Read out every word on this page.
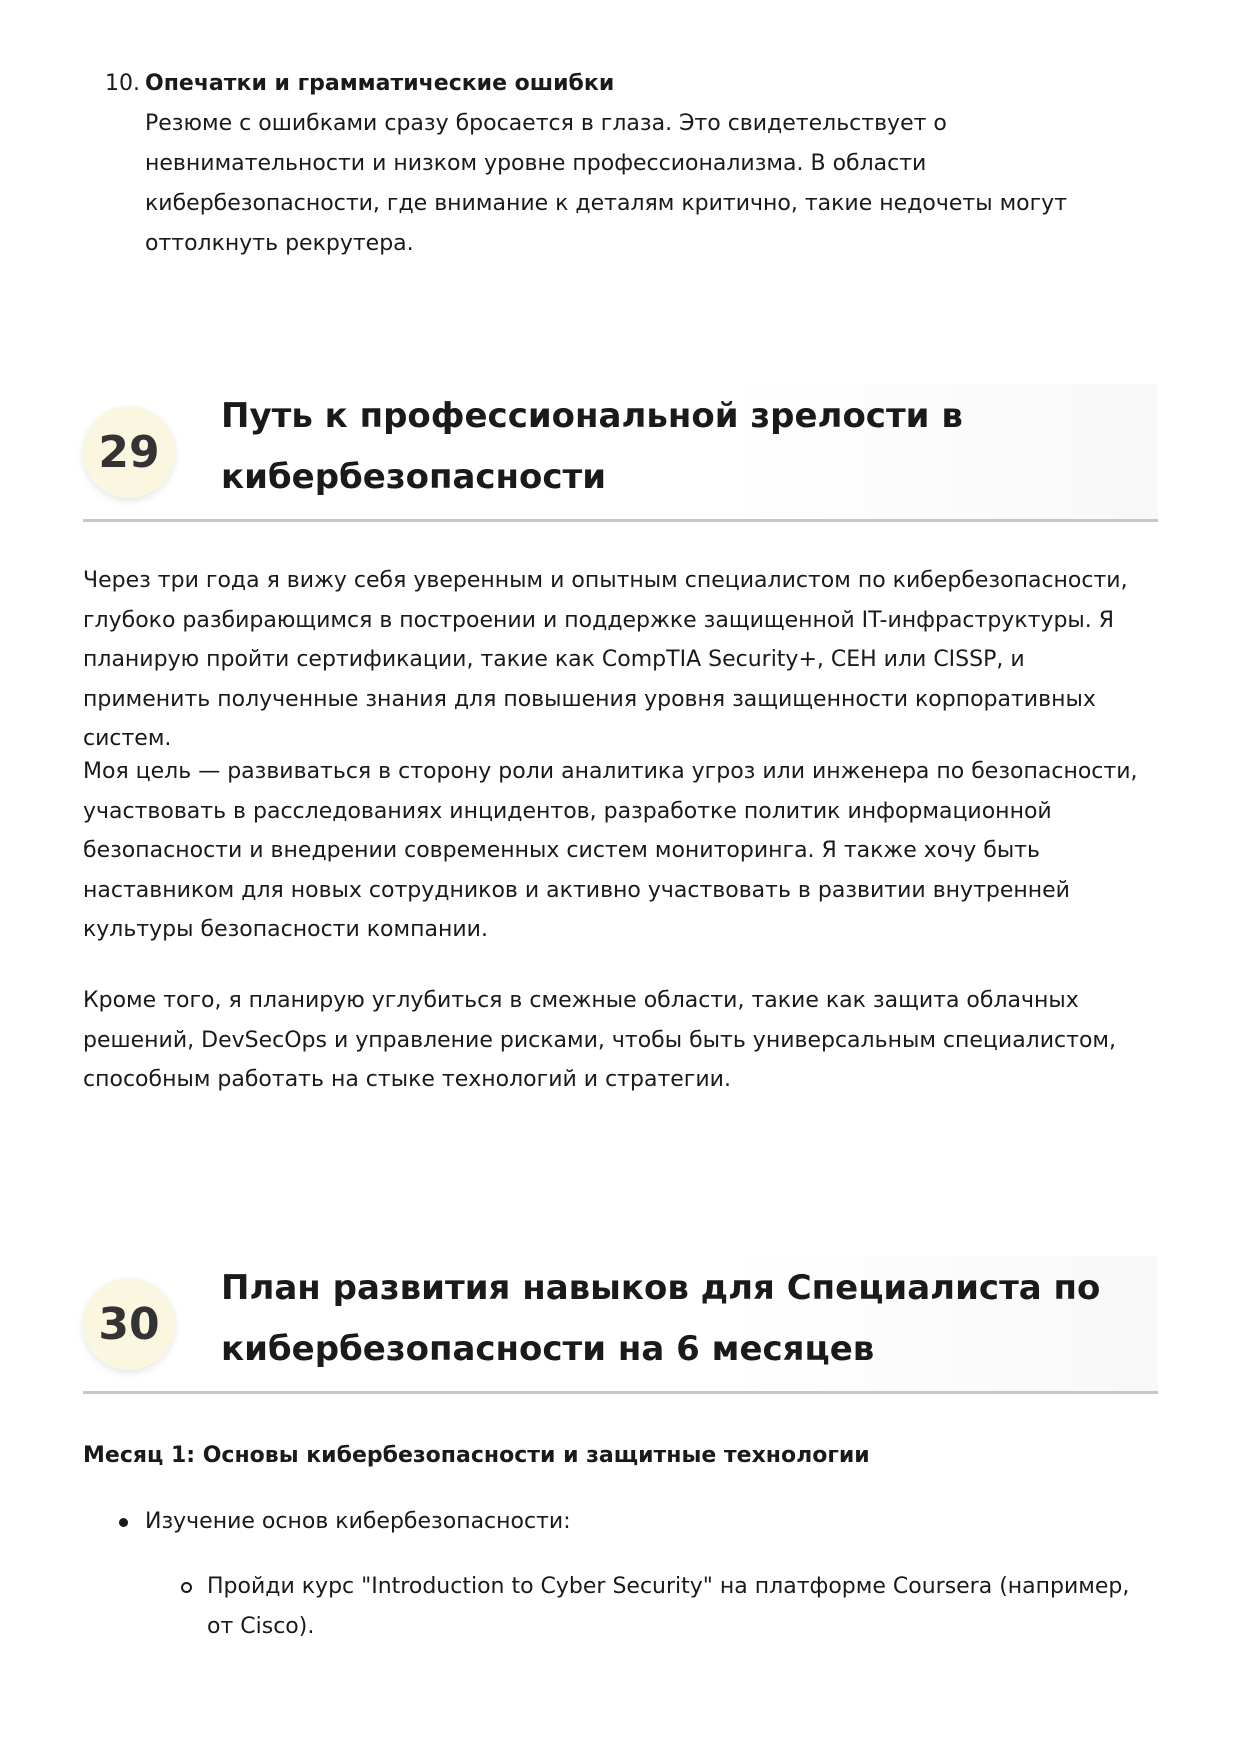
10. Опечатки и грамматические ошибки
Резюме с ошибками сразу бросается в глаза. Это свидетельствует о невнимательности и низком уровне профессионализма. В области кибербезопасности, где внимание к деталям критично, такие недочеты могут оттолкнуть рекрутера.
29
Путь к профессиональной зрелости в кибербезопасности

Через три года я вижу себя уверенным и опытным специалистом по кибербезопасности, глубоко разбирающимся в построении и поддержке защищенной IT-инфраструктуры. Я планирую пройти сертификации, такие как CompTIA Security+, CEH или CISSP, и применить полученные знания для повышения уровня защищенности корпоративных систем.

Моя цель — развиваться в сторону роли аналитика угроз или инженера по безопасности, участвовать в расследованиях инцидентов, разработке политик информационной безопасности и внедрении современных систем мониторинга. Я также хочу быть наставником для новых сотрудников и активно участвовать в развитии внутренней культуры безопасности компании.

Кроме того, я планирую углубиться в смежные области, такие как защита облачных решений, DevSecOps и управление рисками, чтобы быть универсальным специалистом, способным работать на стыке технологий и стратегии.

30
План развития навыков для Специалиста по кибербезопасности на 6 месяцев
Месяц 1: Основы кибербезопасности и защитные технологии
Изучение основ кибербезопасности:
Пройди курс "Introduction to Cyber Security" на платформе Coursera (например, от Cisco).
